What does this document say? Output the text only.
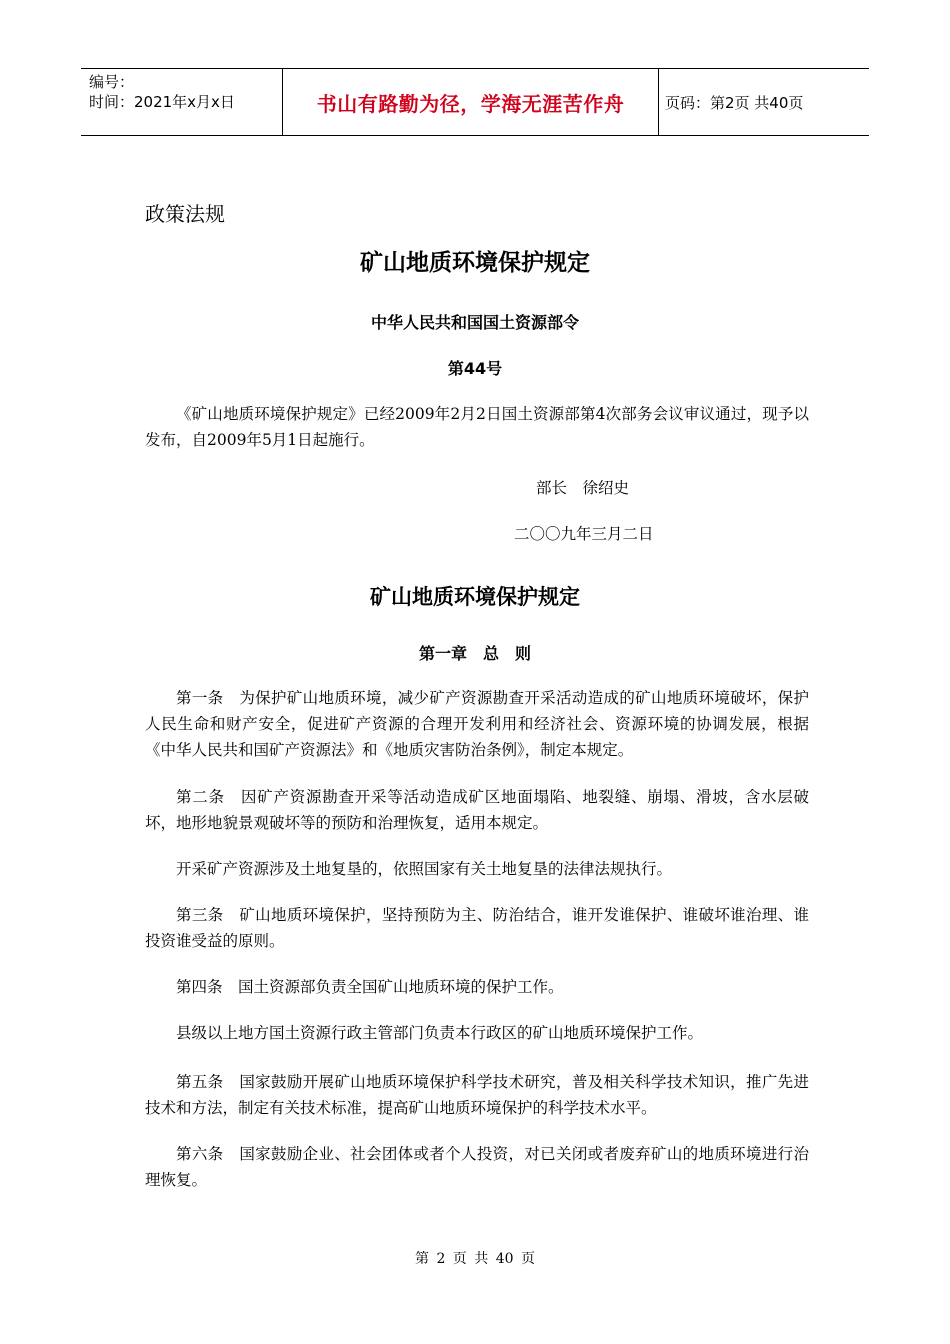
编号：
时间：2021年x月x日	书山有路勤为径，学海无涯苦作舟	页码：第2页 共40页
政策法规
矿山地质环境保护规定
中华人民共和国国土资源部令
第44号
《矿山地质环境保护规定》已经2009年2月2日国土资源部第4次部务会议审议通过，现予以发布，自2009年5月1日起施行。
部长　徐绍史
二〇〇九年三月二日
矿山地质环境保护规定
第一章　总　则
第一条　为保护矿山地质环境，减少矿产资源勘查开采活动造成的矿山地质环境破坏，保护人民生命和财产安全，促进矿产资源的合理开发利用和经济社会、资源环境的协调发展，根据《中华人民共和国矿产资源法》和《地质灾害防治条例》，制定本规定。
第二条　因矿产资源勘查开采等活动造成矿区地面塌陷、地裂缝、崩塌、滑坡，含水层破坏，地形地貌景观破坏等的预防和治理恢复，适用本规定。
开采矿产资源涉及土地复垦的，依照国家有关土地复垦的法律法规执行。
第三条　矿山地质环境保护，坚持预防为主、防治结合，谁开发谁保护、谁破坏谁治理、谁投资谁受益的原则。
第四条　国土资源部负责全国矿山地质环境的保护工作。
县级以上地方国土资源行政主管部门负责本行政区的矿山地质环境保护工作。
第五条　国家鼓励开展矿山地质环境保护科学技术研究，普及相关科学技术知识，推广先进技术和方法，制定有关技术标准，提高矿山地质环境保护的科学技术水平。
第六条　国家鼓励企业、社会团体或者个人投资，对已关闭或者废弃矿山的地质环境进行治理恢复。
第 2 页 共 40 页
